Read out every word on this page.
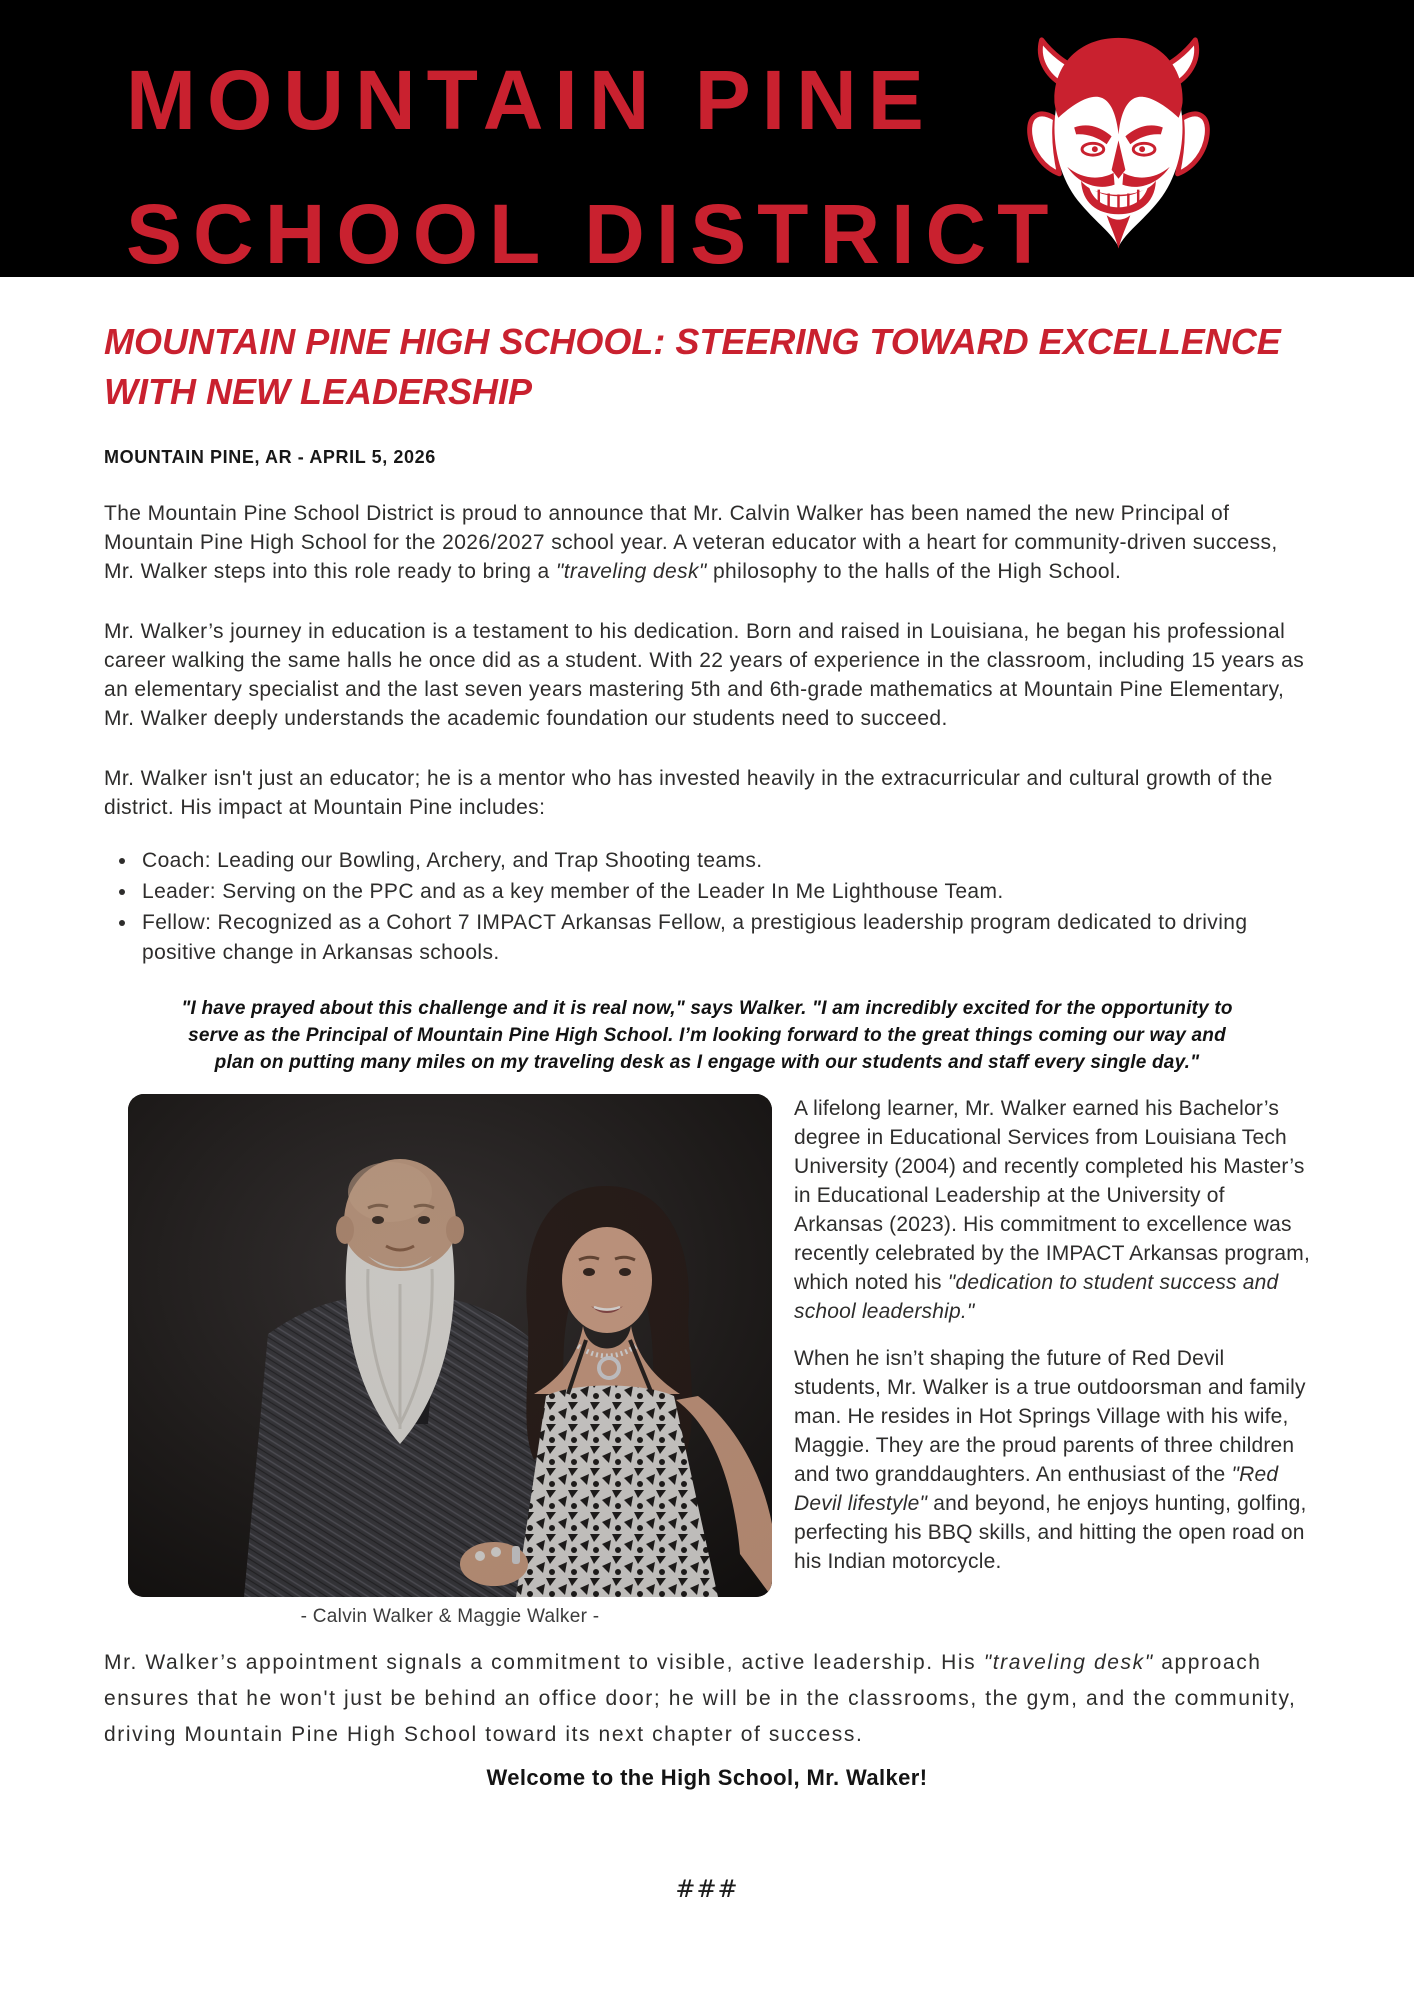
MOUNTAIN PINE
SCHOOL DISTRICT
MOUNTAIN PINE HIGH SCHOOL: STEERING TOWARD EXCELLENCE WITH NEW LEADERSHIP
MOUNTAIN PINE, AR - APRIL 5, 2026

The Mountain Pine School District is proud to announce that Mr. Calvin Walker has been named the new Principal of Mountain Pine High School for the 2026/2027 school year. A veteran educator with a heart for community-driven success, Mr. Walker steps into this role ready to bring a "traveling desk" philosophy to the halls of the High School.

Mr. Walker’s journey in education is a testament to his dedication. Born and raised in Louisiana, he began his professional career walking the same halls he once did as a student. With 22 years of experience in the classroom, including 15 years as an elementary specialist and the last seven years mastering 5th and 6th-grade mathematics at Mountain Pine Elementary, Mr. Walker deeply understands the academic foundation our students need to succeed.

Mr. Walker isn't just an educator; he is a mentor who has invested heavily in the extracurricular and cultural growth of the district. His impact at Mountain Pine includes:

• Coach: Leading our Bowling, Archery, and Trap Shooting teams.
• Leader: Serving on the PPC and as a key member of the Leader In Me Lighthouse Team.
• Fellow: Recognized as a Cohort 7 IMPACT Arkansas Fellow, a prestigious leadership program dedicated to driving positive change in Arkansas schools.

"I have prayed about this challenge and it is real now," says Walker. "I am incredibly excited for the opportunity to serve as the Principal of Mountain Pine High School. I’m looking forward to the great things coming our way and plan on putting many miles on my traveling desk as I engage with our students and staff every single day."

- Calvin Walker & Maggie Walker -

A lifelong learner, Mr. Walker earned his Bachelor’s degree in Educational Services from Louisiana Tech University (2004) and recently completed his Master’s in Educational Leadership at the University of Arkansas (2023). His commitment to excellence was recently celebrated by the IMPACT Arkansas program, which noted his "dedication to student success and school leadership."

When he isn’t shaping the future of Red Devil students, Mr. Walker is a true outdoorsman and family man. He resides in Hot Springs Village with his wife, Maggie. They are the proud parents of three children and two granddaughters. An enthusiast of the "Red Devil lifestyle" and beyond, he enjoys hunting, golfing, perfecting his BBQ skills, and hitting the open road on his Indian motorcycle.

Mr. Walker’s appointment signals a commitment to visible, active leadership. His "traveling desk" approach ensures that he won't just be behind an office door; he will be in the classrooms, the gym, and the community, driving Mountain Pine High School toward its next chapter of success.

Welcome to the High School, Mr. Walker!

###
